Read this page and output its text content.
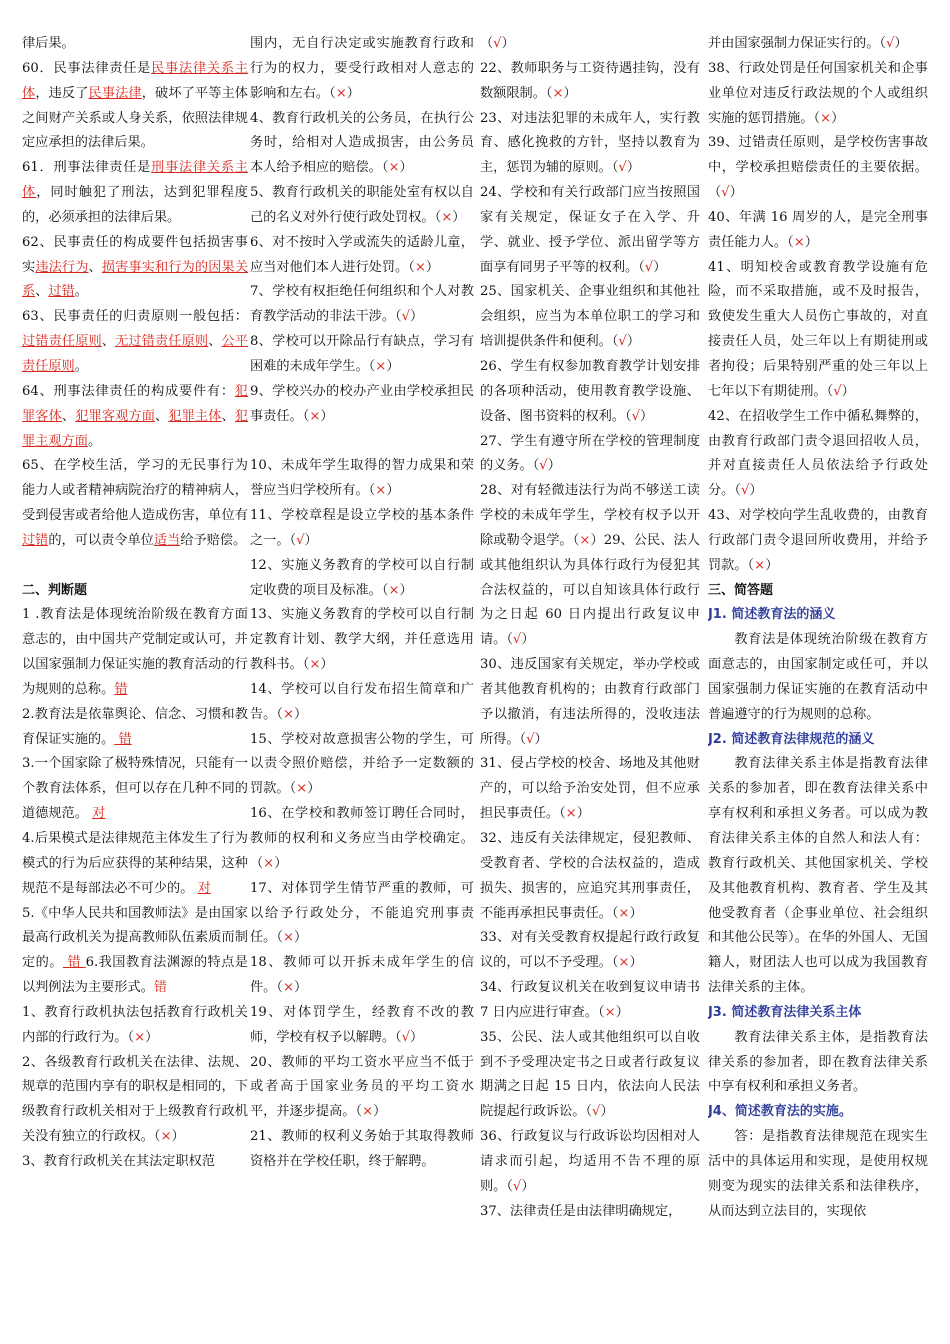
律后果。

60．民事法律责任是民事法律关系主体，违反了民事法律，破坏了平等主体之间财产关系或人身关系，依照法律规定应承担的法律后果。

61．刑事法律责任是刑事法律关系主体，同时触犯了刑法，达到犯罪程度的，必须承担的法律后果。

62、民事责任的构成要件包括损害事实违法行为、损害事实和行为的因果关系、过错。

63、民事责任的归责原则一般包括：过错责任原则、无过错责任原则、公平责任原则。

64、刑事法律责任的构成要件有：犯罪客体、犯罪客观方面、犯罪主体、犯罪主观方面。

65、在学校生活，学习的无民事行为能力人或者精神病院治疗的精神病人，受到侵害或者给他人造成伤害，单位有过错的，可以责令单位适当给予赔偿。

二、判断题

1 .教育法是体现统治阶级在教育方面意志的，由中国共产党制定或认可，并以国家强制力保证实施的教育活动的行为规则的总称。错

2.教育法是依靠舆论、信念、习惯和教育保证实施的。 错

3.一个国家除了极特殊情况，只能有一个教育法体系，但可以存在几种不同的道德规范。 对

4.后果模式是法律规范主体发生了行为模式的行为后应获得的某种结果，这种规范不是每部法必不可少的。 对

5.《中华人民共和国教师法》是由国家最高行政机关为提高教师队伍素质而制定的。 错 6.我国教育法渊源的特点是以判例法为主要形式。错

1、教育行政机执法包括教育行政机关内部的行政行为。（×）

2、各级教育行政机关在法律、法规、规章的范围内享有的职权是相同的，下级教育行政机关相对于上级教育行政机关没有独立的行政权。（×）

3、教育行政机关在其法定职权范

围内，无自行决定或实施教育行政和行为的权力，要受行政相对人意志的影响和左右。（×）

4、教育行政机关的公务员，在执行公务时，给相对人造成损害，由公务员本人给予相应的赔偿。（×）

5、教育行政机关的职能处室有权以自己的名义对外行使行政处罚权。（×）

6、对不按时入学或流失的适龄儿童，应当对他们本人进行处罚。（×）

7、学校有权拒绝任何组织和个人对教育教学活动的非法干涉。（√）

8、学校可以开除品行有缺点，学习有困难的未成年学生。（×）

9、学校兴办的校办产业由学校承担民事责任。（×）

10、未成年学生取得的智力成果和荣誉应当归学校所有。（×）

11、学校章程是设立学校的基本条件之一。（√）

12、实施义务教育的学校可以自行制定收费的项目及标准。（×）

13、实施义务教育的学校可以自行制定教育计划、教学大纲，并任意选用教科书。（×）

14、学校可以自行发布招生简章和广告。（×）

15、学校对故意损害公物的学生，可以责令照价赔偿，并给予一定数额的罚款。（×）

16、在学校和教师签订聘任合同时，教师的权利和义务应当由学校确定。（×）

17、对体罚学生情节严重的教师，可以给予行政处分，不能追究刑事责任。（×）

18、教师可以开拆未成年学生的信件。（×）

19、对体罚学生，经教育不改的教师，学校有权予以解聘。（√）

20、教师的平均工资水平应当不低于或者高于国家业务员的平均工资水平，并逐步提高。（×）

21、教师的权利义务始于其取得教师资格并在学校任职，终于解聘。

（√）

22、教师职务与工资待遇挂钩，没有数额限制。（×）

23、对违法犯罪的未成年人，实行教育、感化挽救的方针，坚持以教育为主，惩罚为辅的原则。（√）

24、学校和有关行政部门应当按照国家有关规定，保证女子在入学、升学、就业、授予学位、派出留学等方面享有同男子平等的权利。（√）

25、国家机关、企事业组织和其他社会组织，应当为本单位职工的学习和培训提供条件和便利。（√）

26、学生有权参加教育教学计划安排的各项种活动，使用教育教学设施、设备、图书资料的权利。（√）

27、学生有遵守所在学校的管理制度的义务。（√）

28、对有轻微违法行为尚不够送工读学校的未成年学生，学校有权予以开除或勒令退学。（×）29、公民、法人或其他组织认为具体行政行为侵犯其合法权益的，可以自知该具体行政行为之日起 60 日内提出行政复议申请。（√）

30、违反国家有关规定，举办学校或者其他教育机构的；由教育行政部门予以撤消，有违法所得的，没收违法所得。（√）

31、侵占学校的校舍、场地及其他财产的，可以给予治安处罚，但不应承担民事责任。（×）

32、违反有关法律规定，侵犯教师、受教育者、学校的合法权益的，造成损失、损害的，应追究其刑事责任，不能再承担民事责任。（×）

33、对有关受教育权提起行政行政复议的，可以不予受理。（×）

34、行政复议机关在收到复议申请书 7 日内应进行审查。（×）

35、公民、法人或其他组织可以自收到不予受理决定书之日或者行政复议期满之日起 15 日内，依法向人民法院提起行政诉讼。（√）

36、行政复议与行政诉讼均因相对人请求而引起，均适用不告不理的原则。（√）

37、法律责任是由法律明确规定，

并由国家强制力保证实行的。（√）

38、行政处罚是任何国家机关和企事业单位对违反行政法规的个人或组织实施的惩罚措施。（×）

39、过错责任原则，是学校伤害事故中，学校承担赔偿责任的主要依据。（√）

40、年满 16 周岁的人，是完全刑事责任能力人。（×）

41、明知校舍或教育教学设施有危险，而不采取措施，或不及时报告，致使发生重大人员伤亡事故的，对直接责任人员，处三年以上有期徒刑或者拘役；后果特别严重的处三年以上七年以下有期徒刑。（√）

42、在招收学生工作中循私舞弊的，由教育行政部门责令退回招收人员，并对直接责任人员依法给予行政处分。（√）

43、对学校向学生乱收费的，由教育行政部门责令退回所收费用，并给予罚款。（×）

三、简答题

J1. 简述教育法的涵义

教育法是体现统治阶级在教育方面意志的，由国家制定或任可，并以国家强制力保证实施的在教育活动中普遍遵守的行为规则的总称。

J2. 简述教育法律规范的涵义

教育法律关系主体是指教育法律关系的参加者，即在教育法律关系中享有权利和承担义务者。可以成为教育法律关系主体的自然人和法人有：教育行政机关、其他国家机关、学校及其他教育机构、教育者、学生及其他受教育者（企事业单位、社会组织和其他公民等）。在华的外国人、无国籍人，财团法人也可以成为我国教育法律关系的主体。

J3. 简述教育法律关系主体

教育法律关系主体，是指教育法律关系的参加者，即在教育法律关系中享有权利和承担义务者。

J4、简述教育法的实施。

答：是指教育法律规范在现实生活中的具体运用和实现，是使用权规则变为现实的法律关系和法律秩序，从而达到立法目的，实现依
